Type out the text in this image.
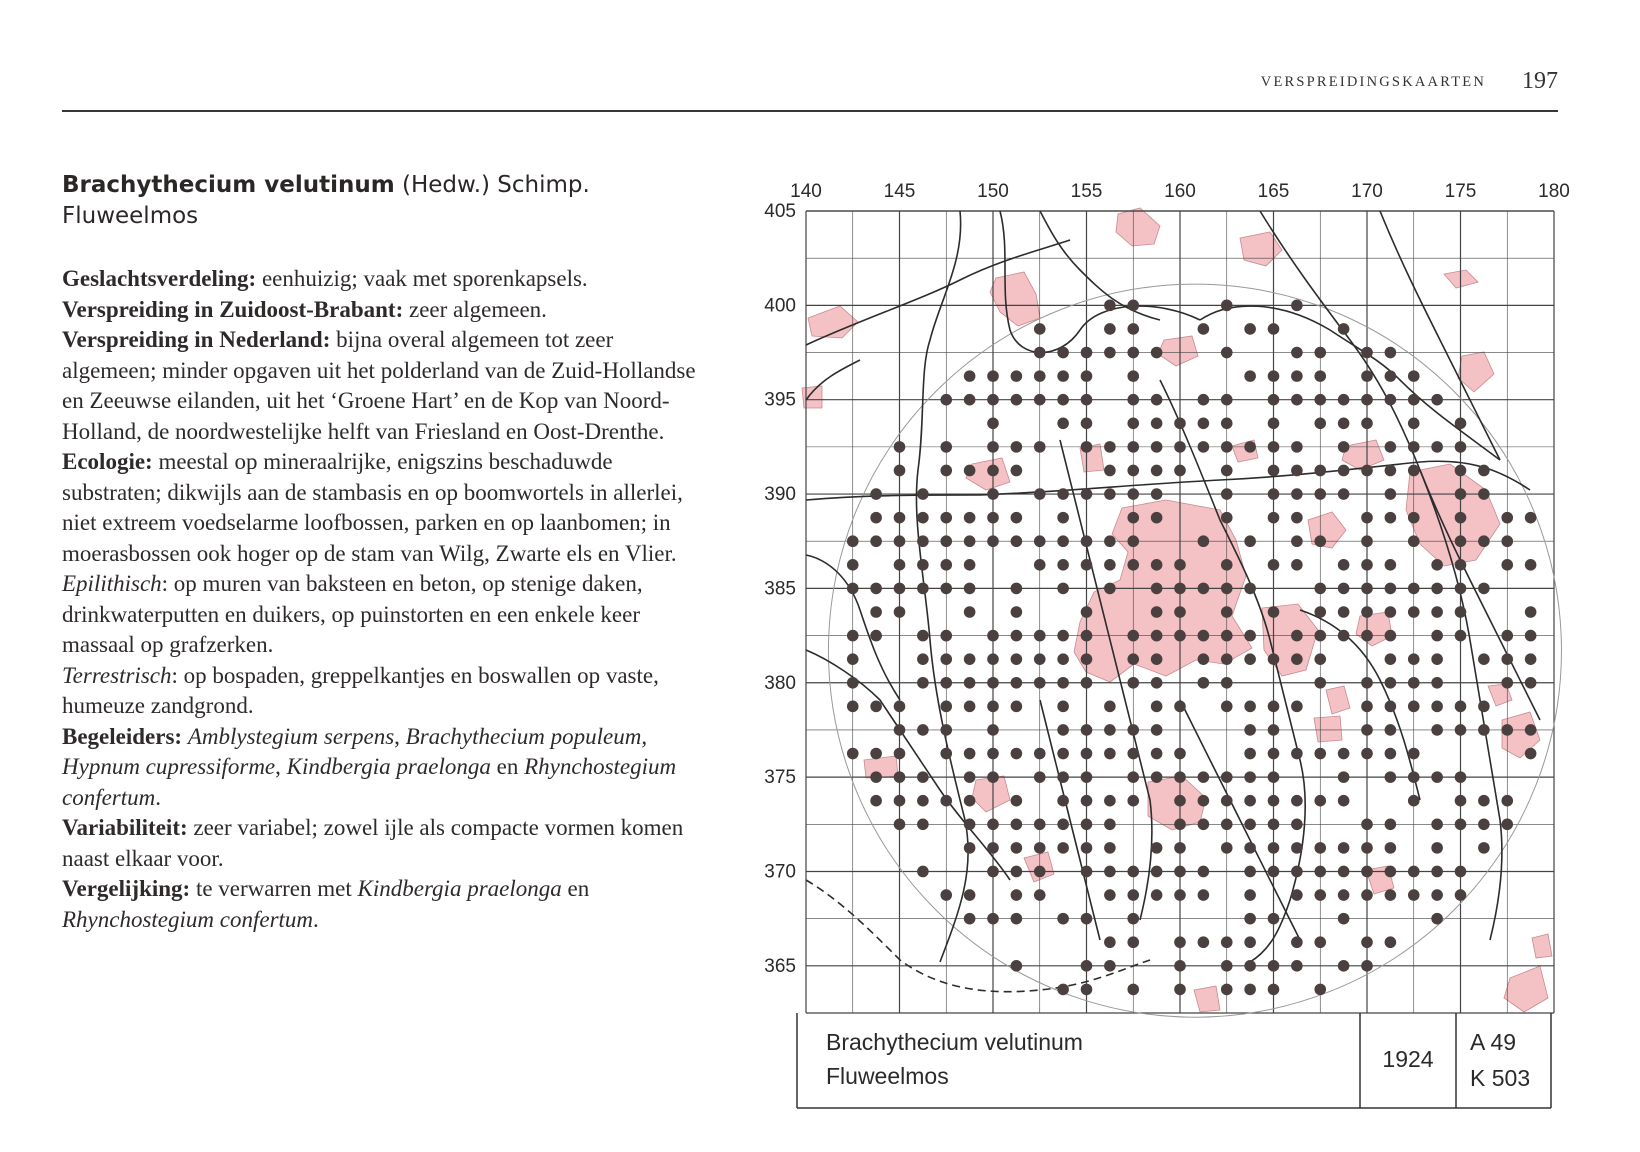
VERSPREIDINGSKAARTEN 197
Brachythecium velutinum (Hedw.) Schimp.
Fluweelmos

Geslachtsverdeling: eenhuizig; vaak met sporenkapsels.

Verspreiding in Zuidoost-Brabant: zeer algemeen.

Verspreiding in Nederland: bijna overal algemeen tot zeer algemeen; minder opgaven uit het polderland van de Zuid-Hollandse en Zeeuwse eilanden, uit het ‘Groene Hart’ en de Kop van Noord-Holland, de noordwestelijke helft van Friesland en Oost-Drenthe.

Ecologie: meestal op mineraalrijke, enigszins beschaduwde substraten; dikwijls aan de stambasis en op boomwortels in allerlei, niet extreem voedselarme loofbossen, parken en op laanbomen; in moerasbossen ook hoger op de stam van Wilg, Zwarte els en Vlier.

Epilithisch: op muren van baksteen en beton, op stenige daken, drinkwaterputten en duikers, op puinstorten en een enkele keer massaal op grafzerken.

Terrestrisch: op bospaden, greppelkantjes en boswallen op vaste, humeuze zandgrond.

Begeleiders: Amblystegium serpens, Brachythecium populeum, Hypnum cupressiforme, Kindbergia praelonga en Rhynchostegium confertum.

Variabiliteit: zeer variabel; zowel ijle als compacte vormen komen naast elkaar voor.

Vergelijking: te verwarren met Kindbergia praelonga en Rhynchostegium confertum.

140	145	150	155	160	165	170	175	180
405
400
395
390
385
380
375
370
365
Brachythecium velutinum
Fluweelmos
1924
A 49
K 503
